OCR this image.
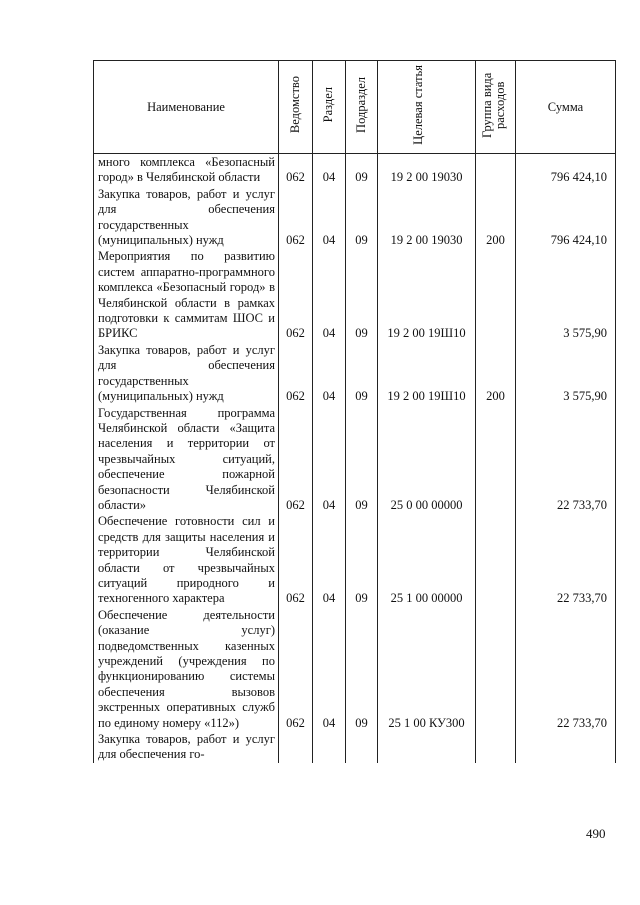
Наименование	Ведомство	Раздел	Подраздел	Целевая статья	Группа вида расходов	Сумма
много комплекса «Безопасный город» в Челябинской области	062	04	09	19 2 00 19030		796 424,10
Закупка товаров, работ и услуг для обеспечения государственных (муниципальных) нужд	062	04	09	19 2 00 19030	200	796 424,10
Мероприятия по развитию систем аппаратно-программного комплекса «Безопасный город» в Челябинской области в рамках подготовки к саммитам ШОС и БРИКС	062	04	09	19 2 00 19Ш10		3 575,90
Закупка товаров, работ и услуг для обеспечения государственных (муниципальных) нужд	062	04	09	19 2 00 19Ш10	200	3 575,90
Государственная программа Челябинской области «Защита населения и территории от чрезвычайных ситуаций, обеспечение пожарной безопасности Челябинской области»	062	04	09	25 0 00 00000		22 733,70
Обеспечение готовности сил и средств для защиты населения и территории Челябинской области от чрезвычайных ситуаций природного и техногенного характера	062	04	09	25 1 00 00000		22 733,70
Обеспечение деятельности (оказание услуг) подведомственных казенных учреждений (учреждения по функционированию системы обеспечения вызовов экстренных оперативных служб по единому номеру «112»)	062	04	09	25 1 00 КУ300		22 733,70
Закупка товаров, работ и услуг для обеспечения го-						
490
